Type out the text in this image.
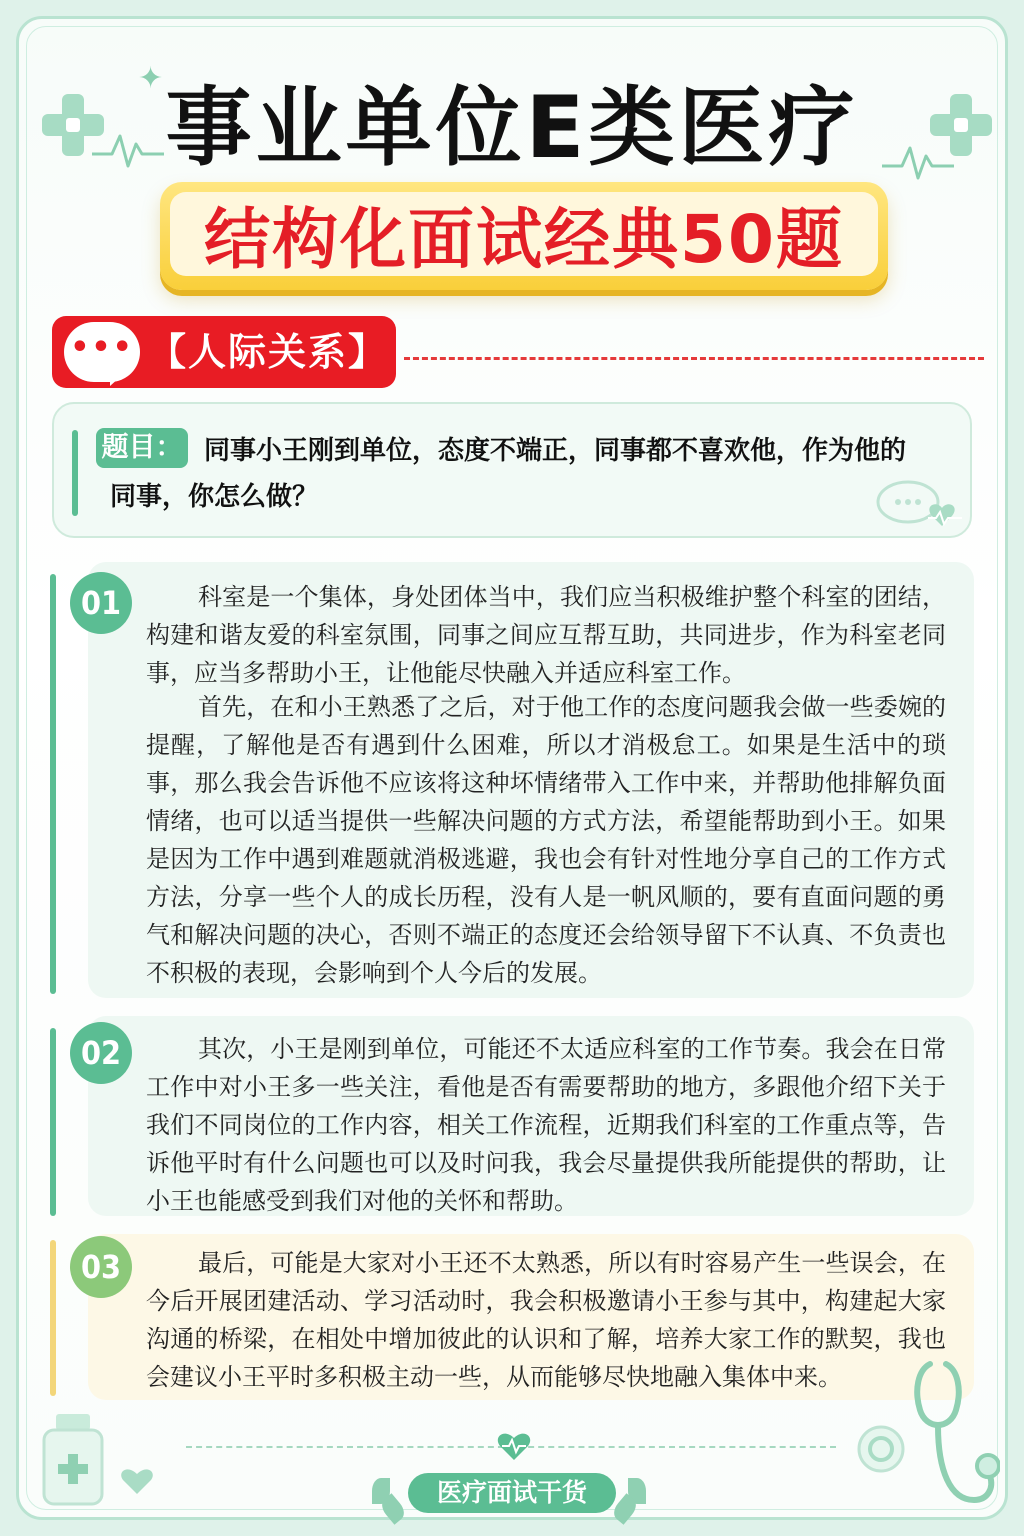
✦ 事业单位E类医疗
结构化面试经典50题
••• 【人际关系】
同事小王刚到单位，态度不端正，同事都不喜欢他，作为他的同事，你怎么做？
题目：
01	科室是一个集体，身处团体当中，我们应当积极维护整个科室的团结，构建和谐友爱的科室氛围，同事之间应互帮互助，共同进步，作为科室老同事，应当多帮助小王，让他能尽快融入并适应科室工作。
首先，在和小王熟悉了之后，对于他工作的态度问题我会做一些委婉的提醒，了解他是否有遇到什么困难，所以才消极怠工。如果是生活中的琐事，那么我会告诉他不应该将这种坏情绪带入工作中来，并帮助他排解负面情绪，也可以适当提供一些解决问题的方式方法，希望能帮助到小王。如果是因为工作中遇到难题就消极逃避，我也会有针对性地分享自己的工作方式方法，分享一些个人的成长历程，没有人是一帆风顺的，要有直面问题的勇气和解决问题的决心，否则不端正的态度还会给领导留下不认真、不负责也不积极的表现，会影响到个人今后的发展。
02	其次，小王是刚到单位，可能还不太适应科室的工作节奏。我会在日常工作中对小王多一些关注，看他是否有需要帮助的地方，多跟他介绍下关于我们不同岗位的工作内容，相关工作流程，近期我们科室的工作重点等，告诉他平时有什么问题也可以及时问我，我会尽量提供我所能提供的帮助，让小王也能感受到我们对他的关怀和帮助。
03	最后，可能是大家对小王还不太熟悉，所以有时容易产生一些误会，在今后开展团建活动、学习活动时，我会积极邀请小王参与其中，构建起大家沟通的桥梁，在相处中增加彼此的认识和了解，培养大家工作的默契，我也会建议小王平时多积极主动一些，从而能够尽快地融入集体中来。
医疗面试干货
